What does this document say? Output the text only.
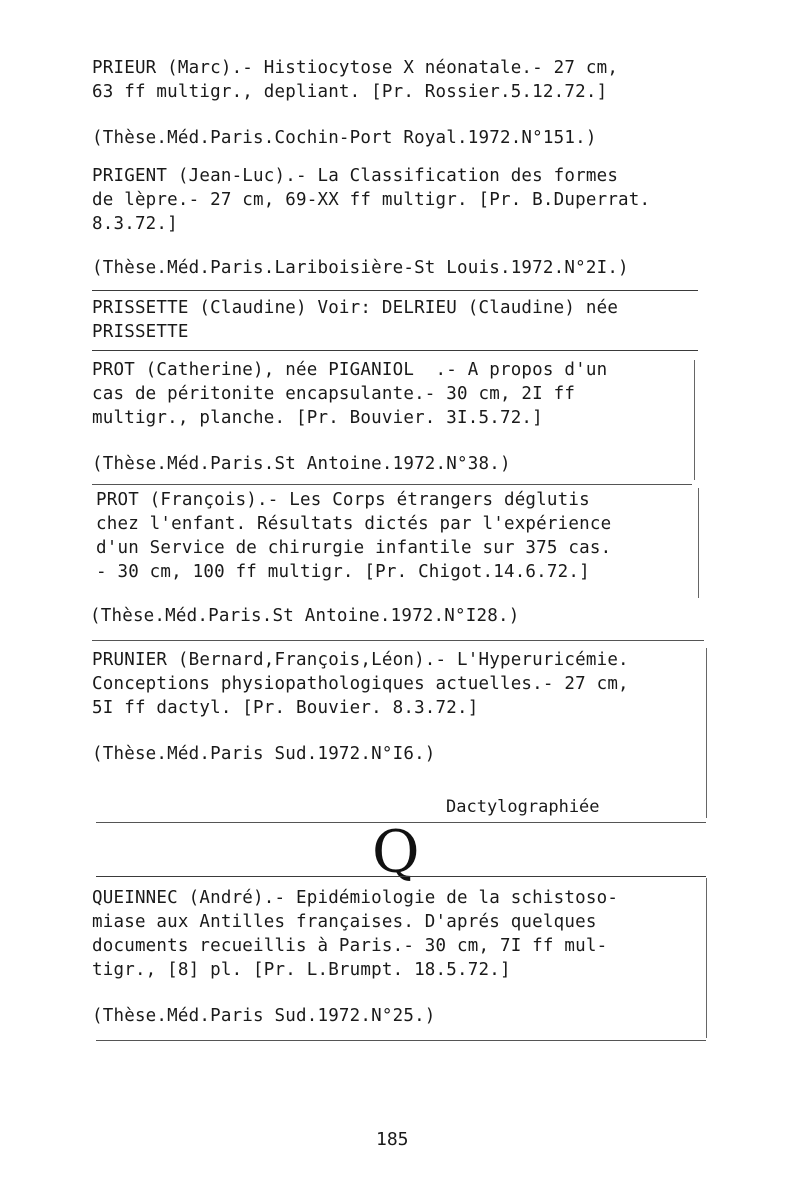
PRIEUR (Marc).- Histiocytose X néonatale.- 27 cm,
63 ff multigr., depliant. [Pr. Rossier.5.12.72.]
(Thèse.Méd.Paris.Cochin-Port Royal.1972.N°151.)
PRIGENT (Jean-Luc).- La Classification des formes
de lèpre.- 27 cm, 69-XX ff multigr. [Pr. B.Duperrat.
8.3.72.]
(Thèse.Méd.Paris.Lariboisière-St Louis.1972.N°2I.)
PRISSETTE (Claudine) Voir: DELRIEU (Claudine) née
PRISSETTE
PROT (Catherine), née PIGANIOL  .- A propos d'un
cas de péritonite encapsulante.- 30 cm, 2I ff
multigr., planche. [Pr. Bouvier. 3I.5.72.]
(Thèse.Méd.Paris.St Antoine.1972.N°38.)
PROT (François).- Les Corps étrangers déglutis
chez l'enfant. Résultats dictés par l'expérience
d'un Service de chirurgie infantile sur 375 cas.
- 30 cm, 100 ff multigr. [Pr. Chigot.14.6.72.]
(Thèse.Méd.Paris.St Antoine.1972.N°I28.)
PRUNIER (Bernard,François,Léon).- L'Hyperuricémie.
Conceptions physiopathologiques actuelles.- 27 cm,
5I ff dactyl. [Pr. Bouvier. 8.3.72.]
(Thèse.Méd.Paris Sud.1972.N°I6.)
Dactylographiée
Q
QUEINNEC (André).- Epidémiologie de la schistoso-
miase aux Antilles françaises. D'aprés quelques
documents recueillis à Paris.- 30 cm, 7I ff mul-
tigr., [8] pl. [Pr. L.Brumpt. 18.5.72.]
(Thèse.Méd.Paris Sud.1972.N°25.)
185
